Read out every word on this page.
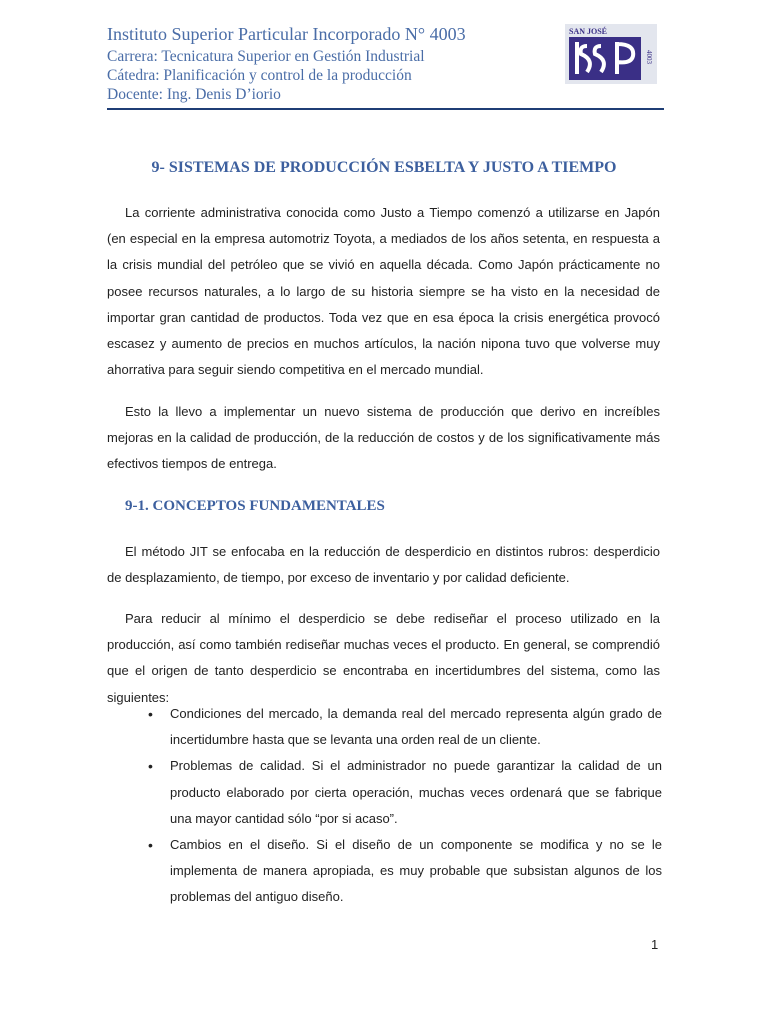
Instituto Superior Particular Incorporado N° 4003
Carrera: Tecnicatura Superior en Gestión Industrial
Cátedra: Planificación y control de la producción
Docente: Ing. Denis D’iorio
SAN JOSÉ
4003
9- SISTEMAS DE PRODUCCIÓN ESBELTA Y JUSTO A TIEMPO

La corriente administrativa conocida como Justo a Tiempo comenzó a utilizarse en Japón (en especial en la empresa automotriz Toyota, a mediados de los años setenta, en respuesta a la crisis mundial del petróleo que se vivió en aquella década. Como Japón prácticamente no posee recursos naturales, a lo largo de su historia siempre se ha visto en la necesidad de importar gran cantidad de productos. Toda vez que en esa época la crisis energética provocó escasez y aumento de precios en muchos artículos, la nación nipona tuvo que volverse muy ahorrativa para seguir siendo competitiva en el mercado mundial.

Esto la llevo a implementar un nuevo sistema de producción que derivo en increíbles mejoras en la calidad de producción, de la reducción de costos y de los significativamente más efectivos tiempos de entrega.

9-1. CONCEPTOS FUNDAMENTALES

El método JIT se enfocaba en la reducción de desperdicio en distintos rubros: desperdicio de desplazamiento, de tiempo, por exceso de inventario y por calidad deficiente.

Para reducir al mínimo el desperdicio se debe rediseñar el proceso utilizado en la producción, así como también rediseñar muchas veces el producto. En general, se comprendió que el origen de tanto desperdicio se encontraba en incertidumbres del sistema, como las siguientes:

• Condiciones del mercado, la demanda real del mercado representa algún grado de incertidumbre hasta que se levanta una orden real de un cliente.
• Problemas de calidad. Si el administrador no puede garantizar la calidad de un producto elaborado por cierta operación, muchas veces ordenará que se fabrique una mayor cantidad sólo “por si acaso”.
• Cambios en el diseño. Si el diseño de un componente se modifica y no se le implementa de manera apropiada, es muy probable que subsistan algunos de los problemas del antiguo diseño.
1
